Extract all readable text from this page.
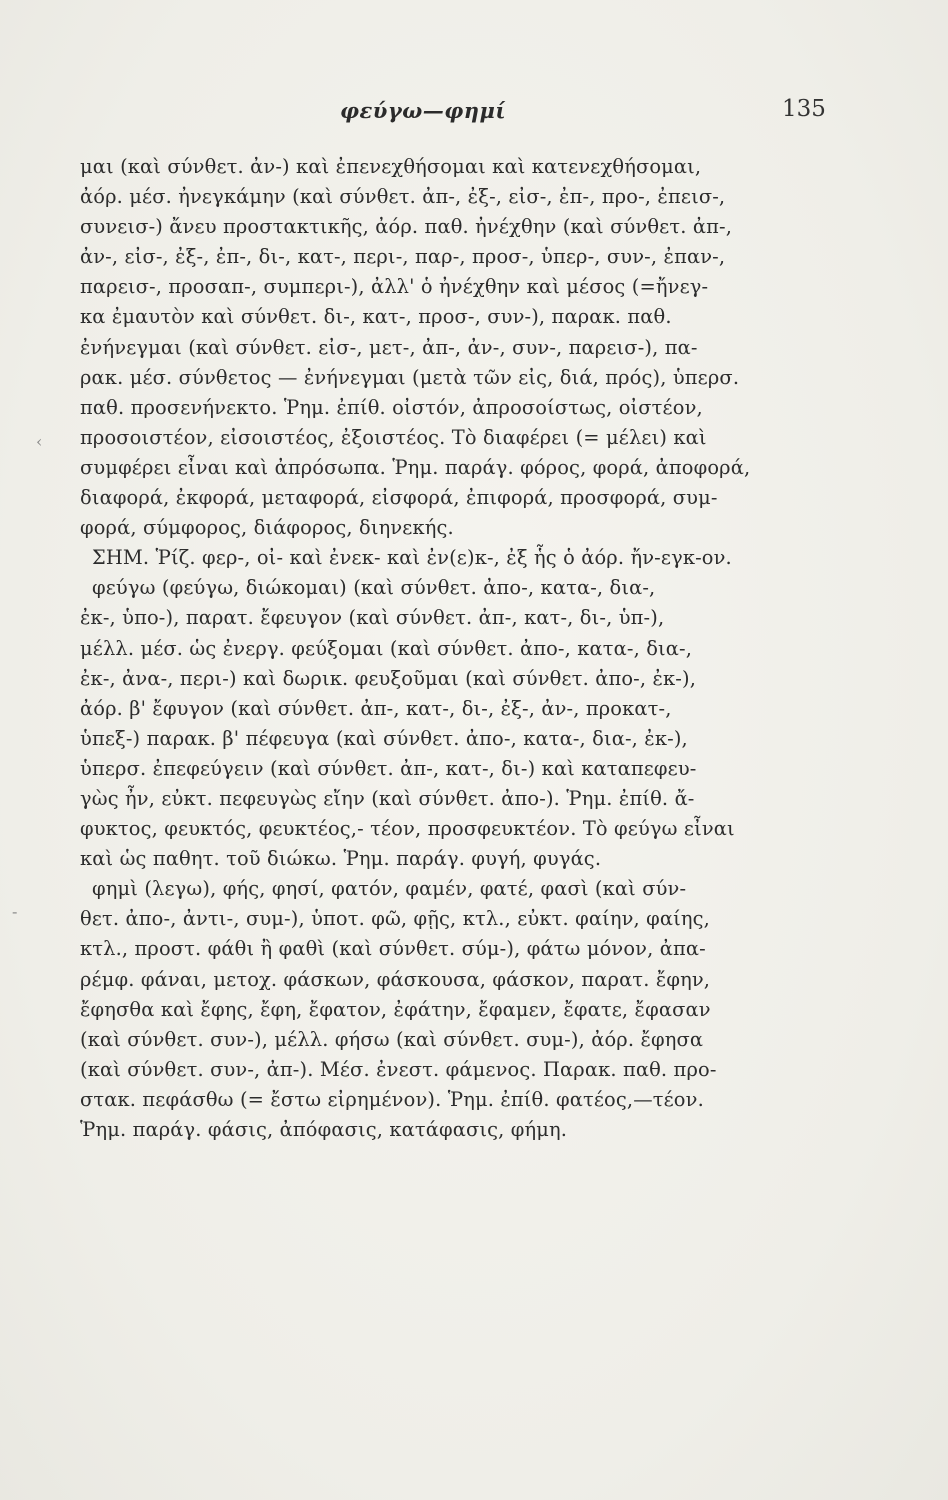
φεύγω—φημί	135
μαι (καὶ σύνθετ. ἀν-) καὶ ἐπενεχθήσομαι καὶ κατενεχθήσομαι,
ἀόρ. μέσ. ἠνεγκάμην (καὶ σύνθετ. ἀπ-, ἐξ-, εἰσ-, ἐπ-, προ-, ἐπεισ-,
συνεισ-) ἄνευ προστακτικῆς, ἀόρ. παθ. ἠνέχθην (καὶ σύνθετ. ἀπ-,
ἀν-, εἰσ-, ἐξ-, ἐπ-, δι-, κατ-, περι-, παρ-, προσ-, ὑπερ-, συν-, ἐπαν-,
παρεισ-, προσαπ-, συμπερι-), ἀλλ' ὁ ἠνέχθην καὶ μέσος (=ἤνεγ-
κα ἐμαυτὸν καὶ σύνθετ. δι-, κατ-, προσ-, συν-), παρακ. παθ.
ἐνήνεγμαι (καὶ σύνθετ. εἰσ-, μετ-, ἀπ-, ἀν-, συν-, παρεισ-), πα-
ρακ. μέσ. σύνθετος — ἐνήνεγμαι (μετὰ τῶν εἰς, διά, πρός), ὑπερσ.
παθ. προσενήνεκτο. Ῥημ. ἐπίθ. οἰστόν, ἀπροσοίστως, οἰστέον,
προσοιστέον, εἰσοιστέος, ἐξοιστέος. Τὸ διαφέρει (= μέλει) καὶ
συμφέρει εἶναι καὶ ἀπρόσωπα. Ῥημ. παράγ. φόρος, φορά, ἀποφορά,
διαφορά, ἐκφορά, μεταφορά, εἰσφορά, ἐπιφορά, προσφορά, συμ-
φορά, σύμφορος, διάφορος, διηνεκής.
ΣΗΜ. Ῥίζ. φερ-, οἰ- καὶ ἐνεκ- καὶ ἐν(ε)κ-, ἐξ ἧς ὁ ἀόρ. ἤν-εγκ-ον.
φεύγω (φεύγω, διώκομαι) (καὶ σύνθετ. ἀπο-, κατα-, δια-,
ἐκ-, ὑπο-), παρατ. ἔφευγον (καὶ σύνθετ. ἀπ-, κατ-, δι-, ὑπ-),
μέλλ. μέσ. ὡς ἐνεργ. φεύξομαι (καὶ σύνθετ. ἀπο-, κατα-, δια-,
ἐκ-, ἀνα-, περι-) καὶ δωρικ. φευξοῦμαι (καὶ σύνθετ. ἀπο-, ἐκ-),
ἀόρ. β' ἔφυγον (καὶ σύνθετ. ἀπ-, κατ-, δι-, ἐξ-, ἀν-, προκατ-,
ὑπεξ-) παρακ. β' πέφευγα (καὶ σύνθετ. ἀπο-, κατα-, δια-, ἐκ-),
ὑπερσ. ἐπεφεύγειν (καὶ σύνθετ. ἀπ-, κατ-, δι-) καὶ καταπεφευ-
γὼς ἦν, εὐκτ. πεφευγὼς εἴην (καὶ σύνθετ. ἀπο-). Ῥημ. ἐπίθ. ἄ-
φυκτος, φευκτός, φευκτέος,- τέον, προσφευκτέον. Τὸ φεύγω εἶναι
καὶ ὡς παθητ. τοῦ διώκω. Ῥημ. παράγ. φυγή, φυγάς.
φημὶ (λεγω), φής, φησί, φατόν, φαμέν, φατέ, φασὶ (καὶ σύν-
θετ. ἀπο-, ἀντι-, συμ-), ὑποτ. φῶ, φῇς, κτλ., εὐκτ. φαίην, φαίης,
κτλ., προστ. φάθι ἢ φαθὶ (καὶ σύνθετ. σύμ-), φάτω μόνον, ἀπα-
ρέμφ. φάναι, μετοχ. φάσκων, φάσκουσα, φάσκον, παρατ. ἔφην,
ἔφησθα καὶ ἔφης, ἔφη, ἔφατον, ἐφάτην, ἔφαμεν, ἔφατε, ἔφασαν
(καὶ σύνθετ. συν-), μέλλ. φήσω (καὶ σύνθετ. συμ-), ἀόρ. ἔφησα
(καὶ σύνθετ. συν-, ἀπ-). Μέσ. ἐνεστ. φάμενος. Παρακ. παθ. προ-
στακ. πεφάσθω (= ἔστω εἰρημένον). Ῥημ. ἐπίθ. φατέος,—τέον.
Ῥημ. παράγ. φάσις, ἀπόφασις, κατάφασις, φήμη.
‹
-
